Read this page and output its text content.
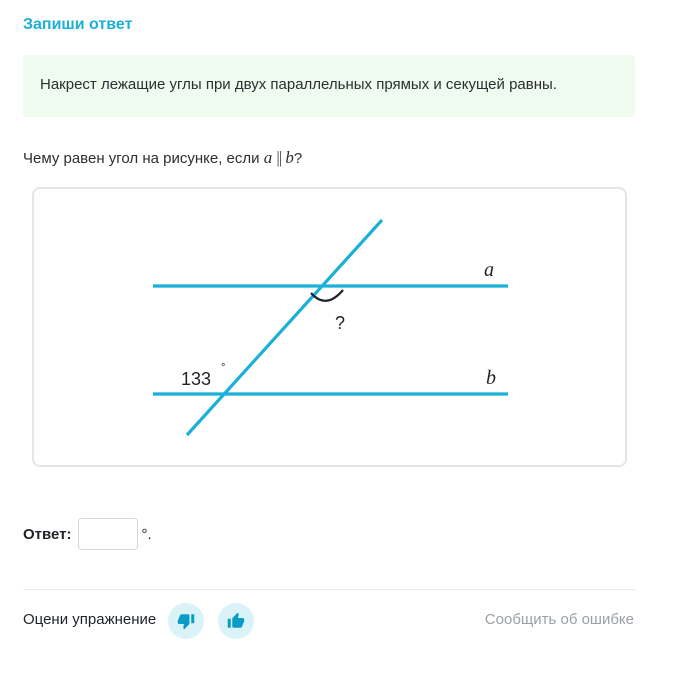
Запиши ответ
Накрест лежащие углы при двух параллельных прямых и секущей равны.
Чему равен угол на рисунке, если a || b?
a
b
?
133
°
Ответ:	°.
Оцени упражнение	Сообщить об ошибке
